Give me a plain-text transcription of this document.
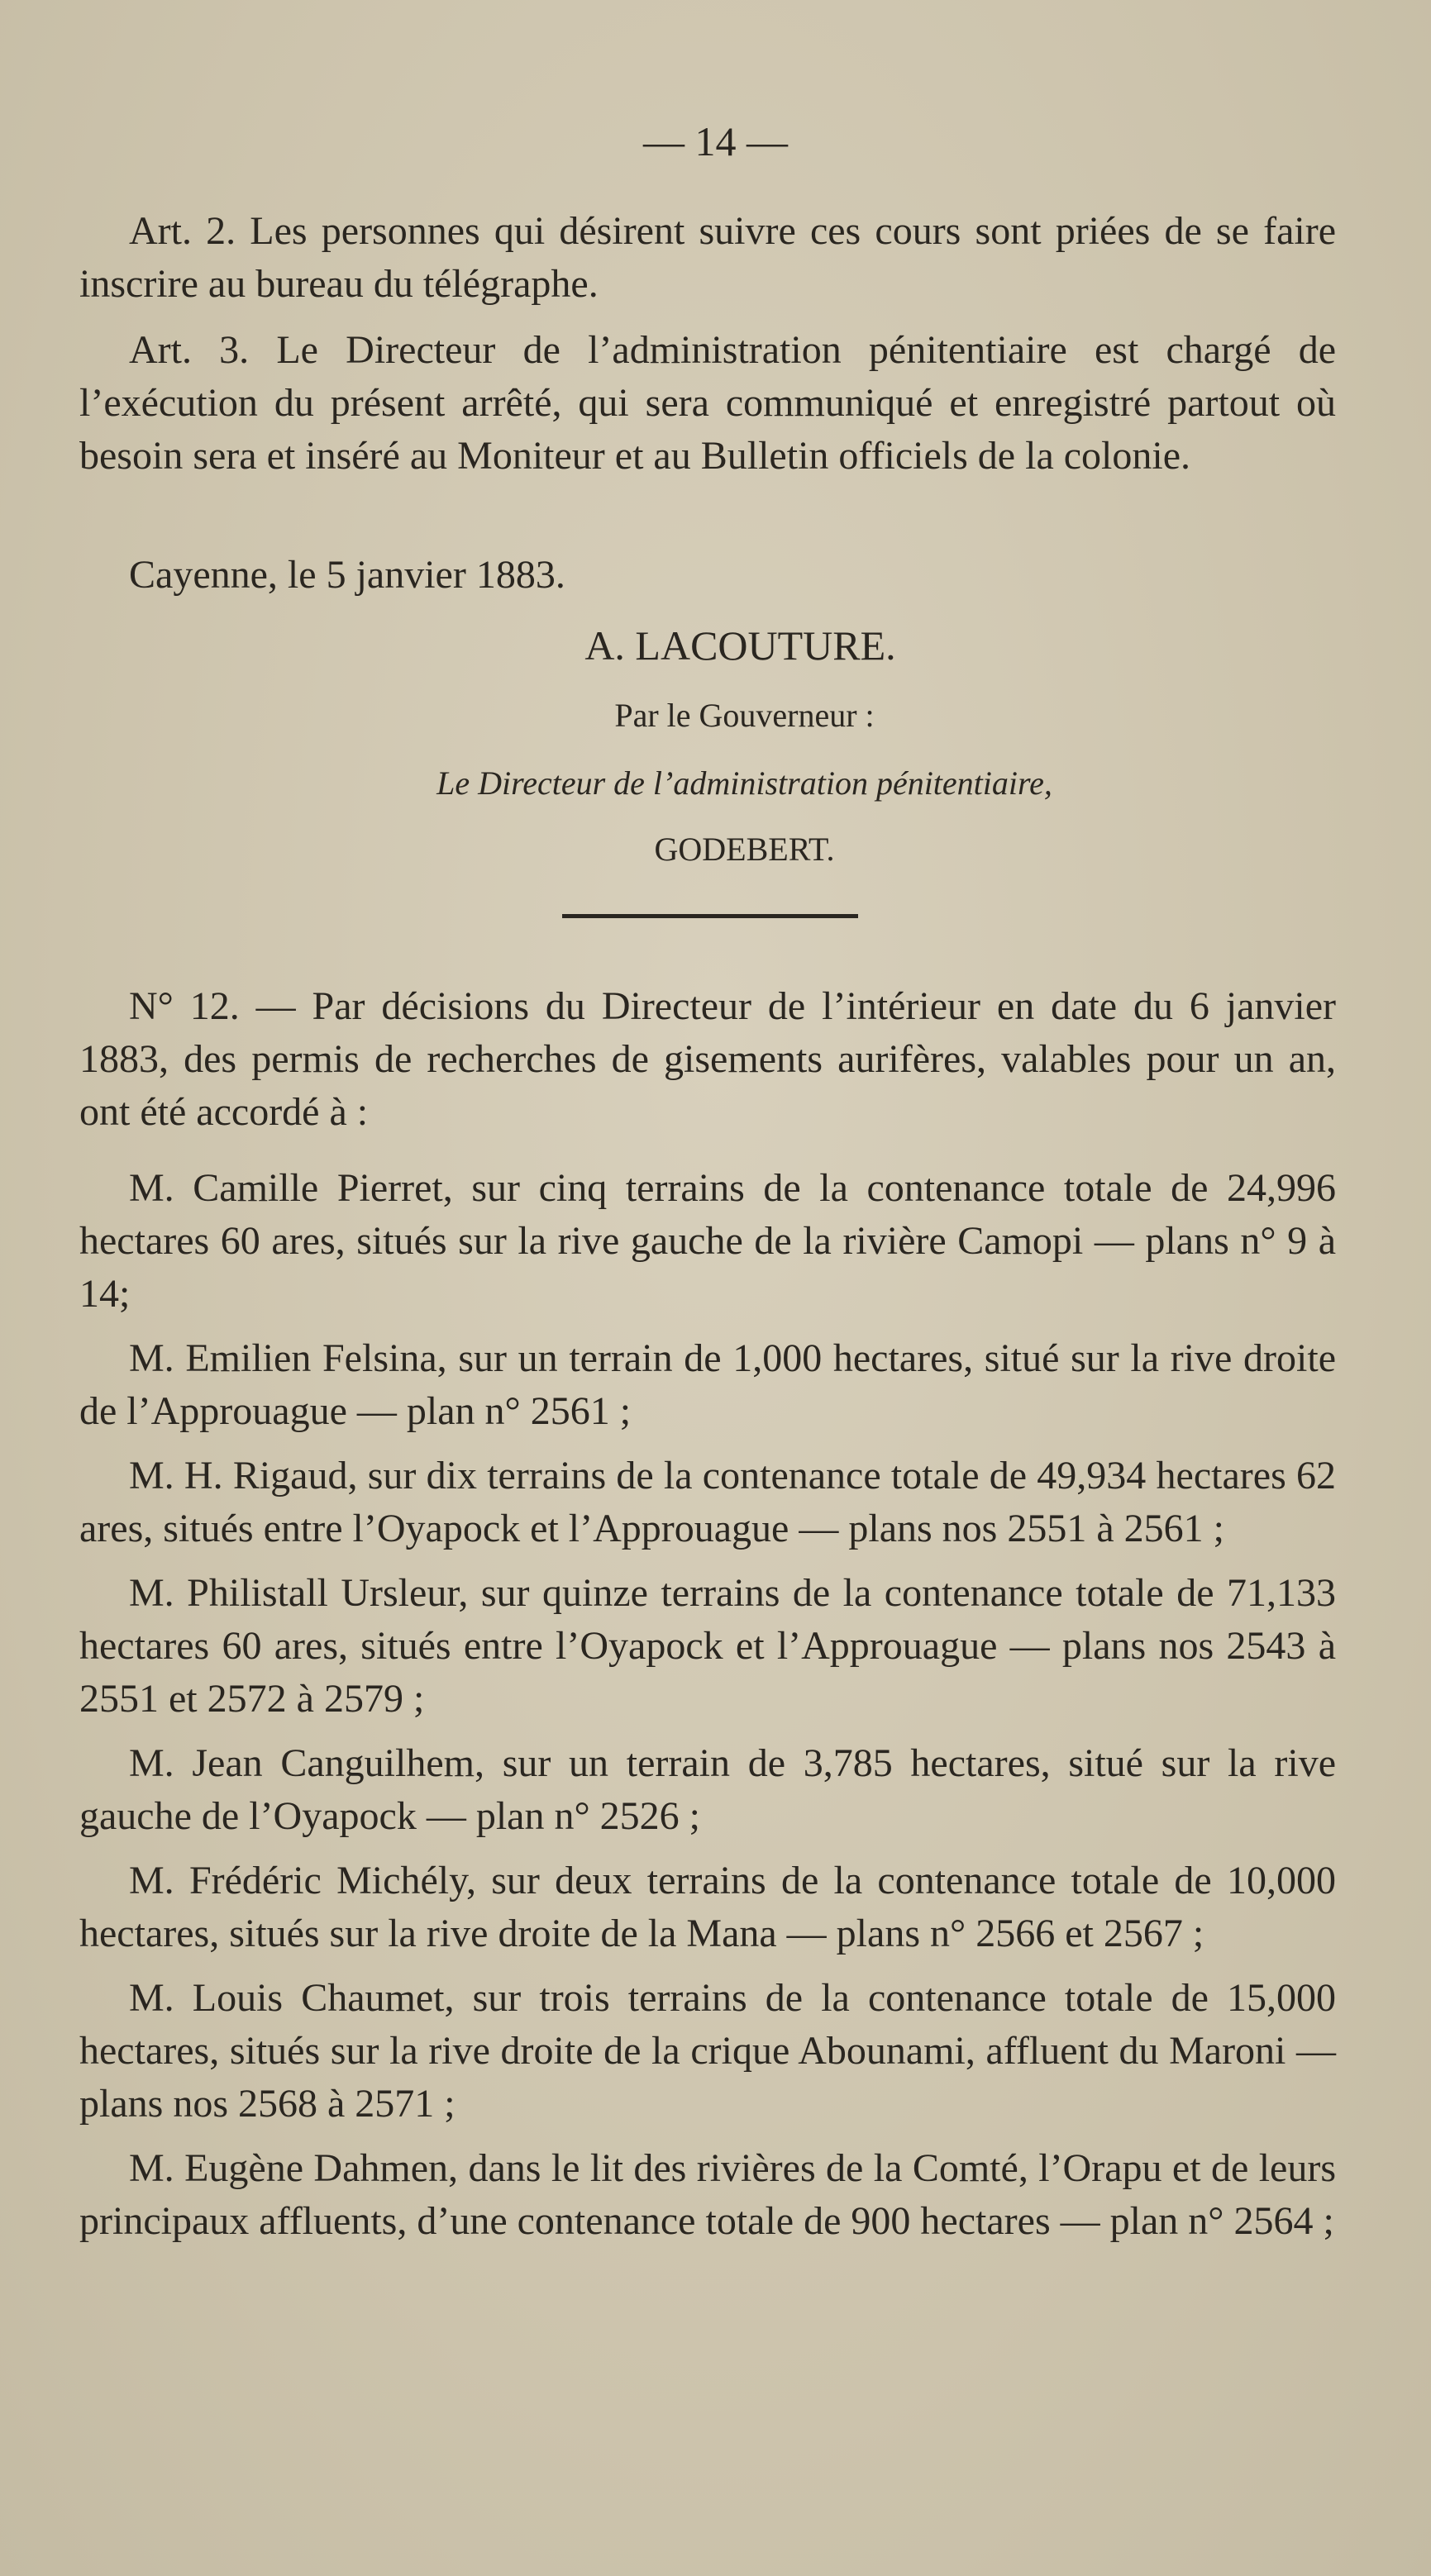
— 14 —

Art. 2. Les personnes qui désirent suivre ces cours sont priées de se faire inscrire au bureau du télégraphe.

Art. 3. Le Directeur de l’administration pénitentiaire est chargé de l’exécution du présent arrêté, qui sera communiqué et enregistré partout où besoin sera et inséré au Moniteur et au Bulletin officiels de la colonie.

Cayenne, le 5 janvier 1883.

A. LACOUTURE.
Par le Gouverneur :
Le Directeur de l’administration pénitentiaire,
GODEBERT.

N° 12. — Par décisions du Directeur de l’intérieur en date du 6 janvier 1883, des permis de recherches de gisements aurifères, valables pour un an, ont été accordé à :

M. Camille Pierret, sur cinq terrains de la contenance totale de 24,996 hectares 60 ares, situés sur la rive gauche de la rivière Camopi — plans n° 9 à 14;

M. Emilien Felsina, sur un terrain de 1,000 hectares, situé sur la rive droite de l’Approuague — plan n° 2561 ;

M. H. Rigaud, sur dix terrains de la contenance totale de 49,934 hectares 62 ares, situés entre l’Oyapock et l’Approuague — plans nos 2551 à 2561 ;

M. Philistall Ursleur, sur quinze terrains de la contenance totale de 71,133 hectares 60 ares, situés entre l’Oyapock et l’Approuague — plans nos 2543 à 2551 et 2572 à 2579 ;

M. Jean Canguilhem, sur un terrain de 3,785 hectares, situé sur la rive gauche de l’Oyapock — plan n° 2526 ;

M. Frédéric Michély, sur deux terrains de la contenance totale de 10,000 hectares, situés sur la rive droite de la Mana — plans n° 2566 et 2567 ;

M. Louis Chaumet, sur trois terrains de la contenance totale de 15,000 hectares, situés sur la rive droite de la crique Abounami, affluent du Maroni — plans nos 2568 à 2571 ;

M. Eugène Dahmen, dans le lit des rivières de la Comté, l’Orapu et de leurs principaux affluents, d’une contenance totale de 900 hectares — plan n° 2564 ;
